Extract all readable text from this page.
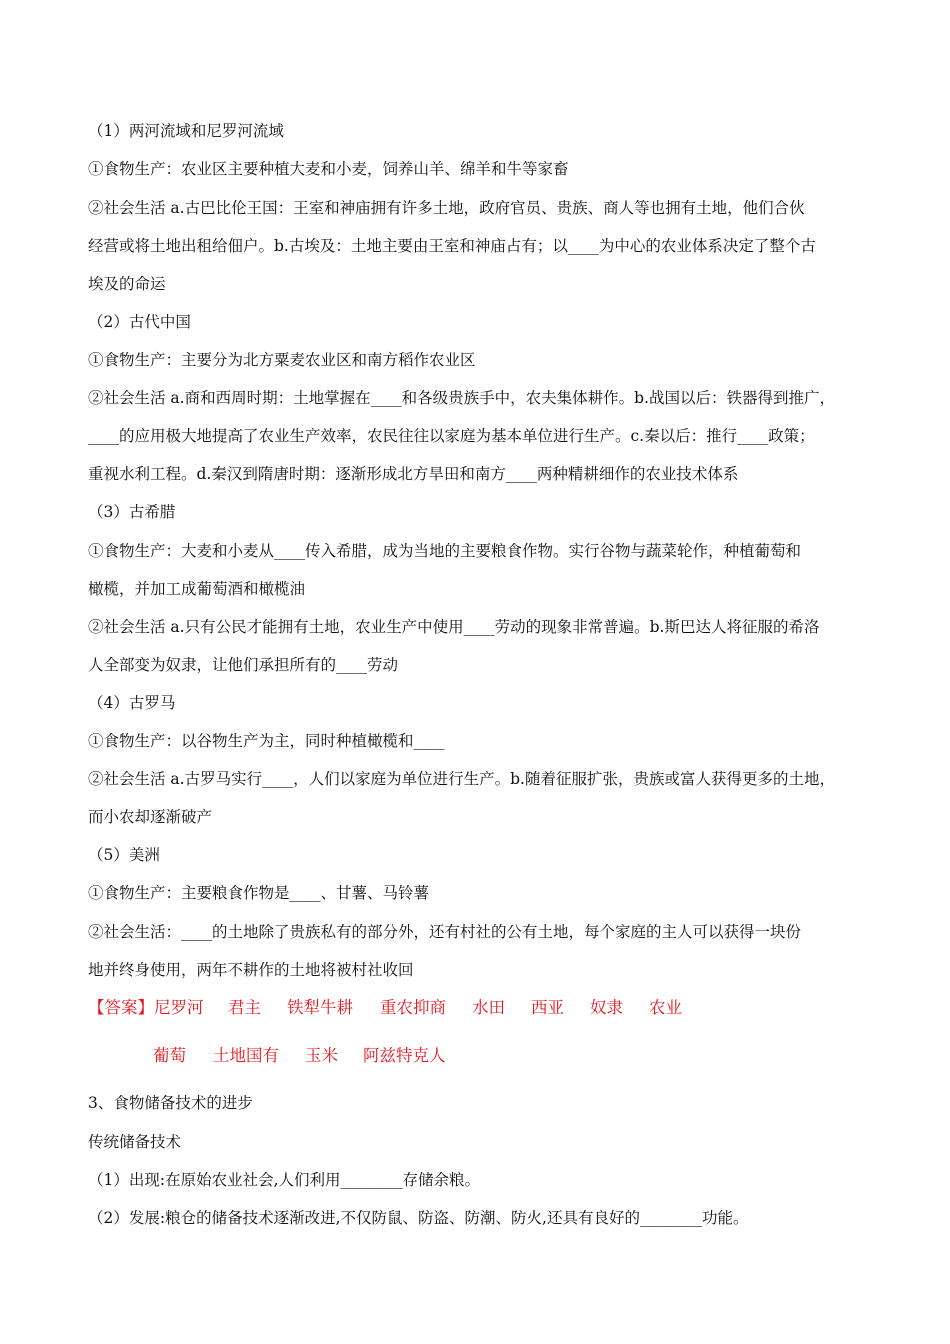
（1）两河流域和尼罗河流域
①食物生产：农业区主要种植大麦和小麦，饲养山羊、绵羊和牛等家畜
②社会生活 a.古巴比伦王国：王室和神庙拥有许多土地，政府官员、贵族、商人等也拥有土地，他们合伙
经营或将土地出租给佃户。b.古埃及：土地主要由王室和神庙占有；以____为中心的农业体系决定了整个古
埃及的命运
（2）古代中国
①食物生产：主要分为北方粟麦农业区和南方稻作农业区
②社会生活 a.商和西周时期：土地掌握在____和各级贵族手中，农夫集体耕作。b.战国以后：铁器得到推广，
____的应用极大地提高了农业生产效率，农民往往以家庭为基本单位进行生产。c.秦以后：推行____政策；
重视水利工程。d.秦汉到隋唐时期：逐渐形成北方旱田和南方____两种精耕细作的农业技术体系
（3）古希腊
①食物生产：大麦和小麦从____传入希腊，成为当地的主要粮食作物。实行谷物与蔬菜轮作，种植葡萄和
橄榄，并加工成葡萄酒和橄榄油
②社会生活 a.只有公民才能拥有土地，农业生产中使用____劳动的现象非常普遍。b.斯巴达人将征服的希洛
人全部变为奴隶，让他们承担所有的____劳动
（4）古罗马
①食物生产：以谷物生产为主，同时种植橄榄和____
②社会生活 a.古罗马实行____，人们以家庭为单位进行生产。b.随着征服扩张，贵族或富人获得更多的土地，
而小农却逐渐破产
（5）美洲
①食物生产：主要粮食作物是____、甘薯、马铃薯
②社会生活：____的土地除了贵族私有的部分外，还有村社的公有土地，每个家庭的主人可以获得一块份
地并终身使用，两年不耕作的土地将被村社收回
【答案】尼罗河	君主 铁犁牛耕 重农抑商 水田 西亚 奴隶 农业
葡萄 土地国有 玉米 阿兹特克人
3、食物储备技术的进步
传统储备技术
（1）出现:在原始农业社会,人们利用________存储余粮。
（2）发展:粮仓的储备技术逐渐改进,不仅防鼠、防盗、防潮、防火,还具有良好的________功能。
